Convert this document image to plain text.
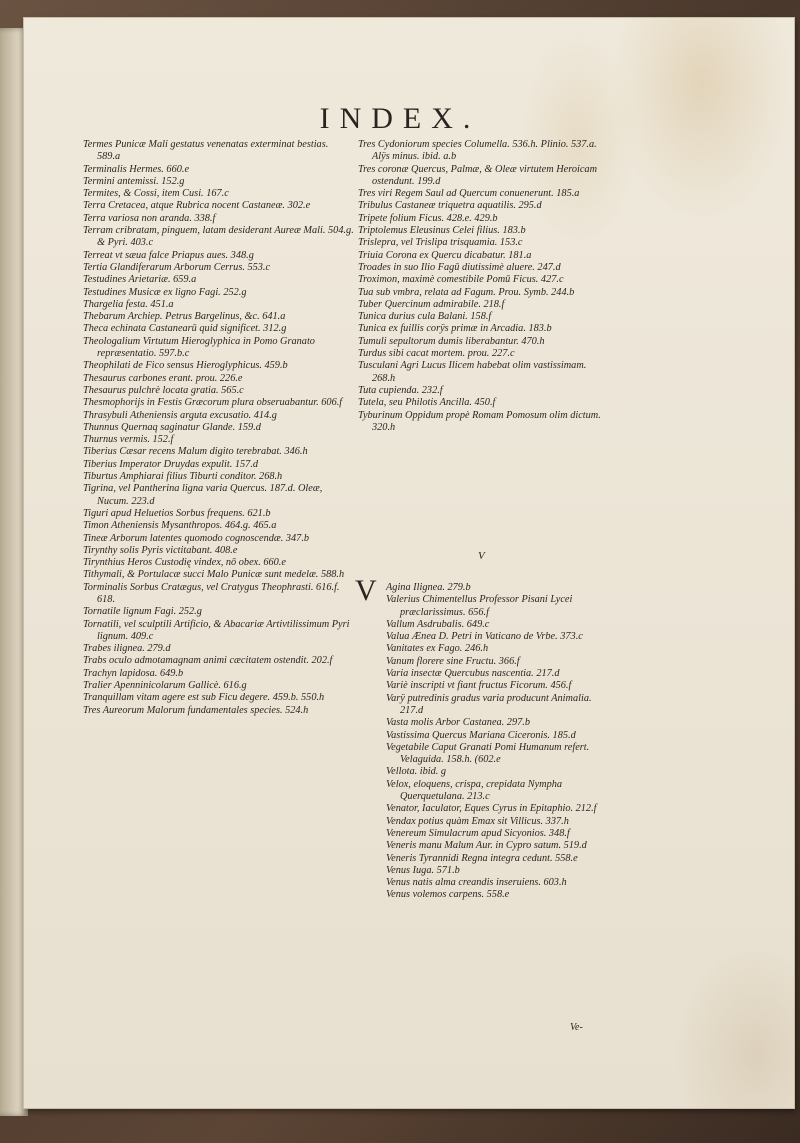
INDEX.
Termes Punicæ Mali gestatus venenatas exterminat bestias. 589.a
Terminalis Hermes. 660.e
Termini antemissi. 152.g
Termites, & Cossi, item Cusi. 167.c
Terra Cretacea, atque Rubrica nocent Castaneæ. 302.e
Terra variosa non aranda. 338.f
Terram cribratam, pinguem, latam desiderant Aureæ Mali. 504.g. & Pyri. 403.c
Terreat vt sæua falce Priapus aues. 348.g
Tertia Glandiferarum Arborum Cerrus. 553.c
Testudines Arietariæ. 659.a
Testudines Musicæ ex ligno Fagi. 252.g
Thargelia festa. 451.a
Thebarum Archiep. Petrus Bargelinus, &c. 641.a
Theca echinata Castanearū quid significet. 312.g
Theologalium Virtutum Hieroglyphica in Pomo Granato repræsentatio. 597.b.c
Theophilati de Fico sensus Hieroglyphicus. 459.b
Thesaurus carbones erant. prou. 226.e
Thesaurus pulchrè locata gratia. 565.c
Thesmophorijs in Festis Græcorum plura obseruabantur. 606.f
Thrasybuli Atheniensis arguta excusatio. 414.g
Thunnus Quernaq saginatur Glande. 159.d
Thurnus vermis. 152.f
Tiberius Cæsar recens Malum digito terebrabat. 346.h
Tiberius Imperator Druydas expulit. 157.d
Tiburtus Amphiarai filius Tiburti conditor. 268.h
Tigrina, vel Pantherina ligna varia Quercus. 187.d. Oleæ, Nucum. 223.d
Tiguri apud Heluetios Sorbus frequens. 621.b
Timon Atheniensis Mysanthropos. 464.g. 465.a
Tineæ Arborum latentes quomodo cognoscendæ. 347.b
Tirynthy solis Pyris victitabant. 408.e
Tirynthius Heros Custodię vindex, nō obex. 660.e
Tithymali, & Portulacæ succi Malo Punicæ sunt medelæ. 588.h
Torminalis Sorbus Cratægus, vel Cratygus Theophrasti. 616.f. 618.
Tornatile lignum Fagi. 252.g
Tornatili, vel sculptili Artificio, & Abacariæ Artivtilissimum Pyri lignum. 409.c
Trabes ilignea. 279.d
Trabs oculo admotamagnam animi cæcitatem ostendit. 202.f
Trachyn lapidosa. 649.b
Tralier Apenninicolarum Gallicè. 616.g
Tranquillam vitam agere est sub Ficu degere. 459.b. 550.h
Tres Aureorum Malorum fundamentales species. 524.h
Tres Cydoniorum species Columella. 536.h. Plinio. 537.a. Alÿs minus. ibid. a.b
Tres coronæ Quercus, Palmæ, & Oleæ virtutem Heroicam ostendunt. 199.d
Tres viri Regem Saul ad Quercum conuenerunt. 185.a
Tribulus Castaneæ triquetra aquatilis. 295.d
Tripete folium Ficus. 428.e. 429.b
Triptolemus Eleusinus Celei filius. 183.b
Trislepra, vel Trislipa trisquamia. 153.c
Triuia Corona ex Quercu dicabatur. 181.a
Troades in suo Ilio Fagū diutissimè aluere. 247.d
Troximon, maximè comestibile Pomū Ficus. 427.c
Tua sub vmbra, relata ad Fagum. Prou. Symb. 244.b
Tuber Quercinum admirabile. 218.f
Tunica durius cula Balani. 158.f
Tunica ex fuillis corÿs primæ in Arcadia. 183.b
Tumuli sepultorum dumis liberabantur. 470.h
Turdus sibi cacat mortem. prou. 227.c
Tusculani Agri Lucus Ilicem habebat olim vastissimam. 268.h
Tuta cupienda. 232.f
Tutela, seu Philotis Ancilla. 450.f
Tyburinum Oppidum propè Romam Pomosum olim dictum. 320.h
V
V Agina Ilignea. 279.b
Valerius Chimentellus Professor Pisani Lycei præclarissimus. 656.f
Vallum Asdrubalis. 649.c
Valua Ænea D. Petri in Vaticano de Vrbe. 373.c
Vanitates ex Fago. 246.h
Vanum florere sine Fructu. 366.f
Varia insectæ Quercubus nascentia. 217.d
Variè inscripti vt fiant fructus Ficorum. 456.f
Varÿ putredinis gradus varia producunt Animalia. 217.d
Vasta molis Arbor Castanea. 297.b
Vastissima Quercus Mariana Ciceronis. 185.d
Vegetabile Caput Granati Pomi Humanum refert. Velaguida. 158.h. (602.e
Vellota. ibid. g
Velox, eloquens, crispa, crepidata Nympha Querquetulana. 213.c
Venator, Iaculator, Eques Cyrus in Epitaphio. 212.f
Vendax potius quàm Emax sit Villicus. 337.h
Venereum Simulacrum apud Sicyonios. 348.f
Veneris manu Malum Aur. in Cypro satum. 519.d
Veneris Tyrannidi Regna integra cedunt. 558.e
Venus Iuga. 571.b
Venus natis alma creandis inseruiens. 603.h
Venus volemos carpens. 558.e
Ve-
